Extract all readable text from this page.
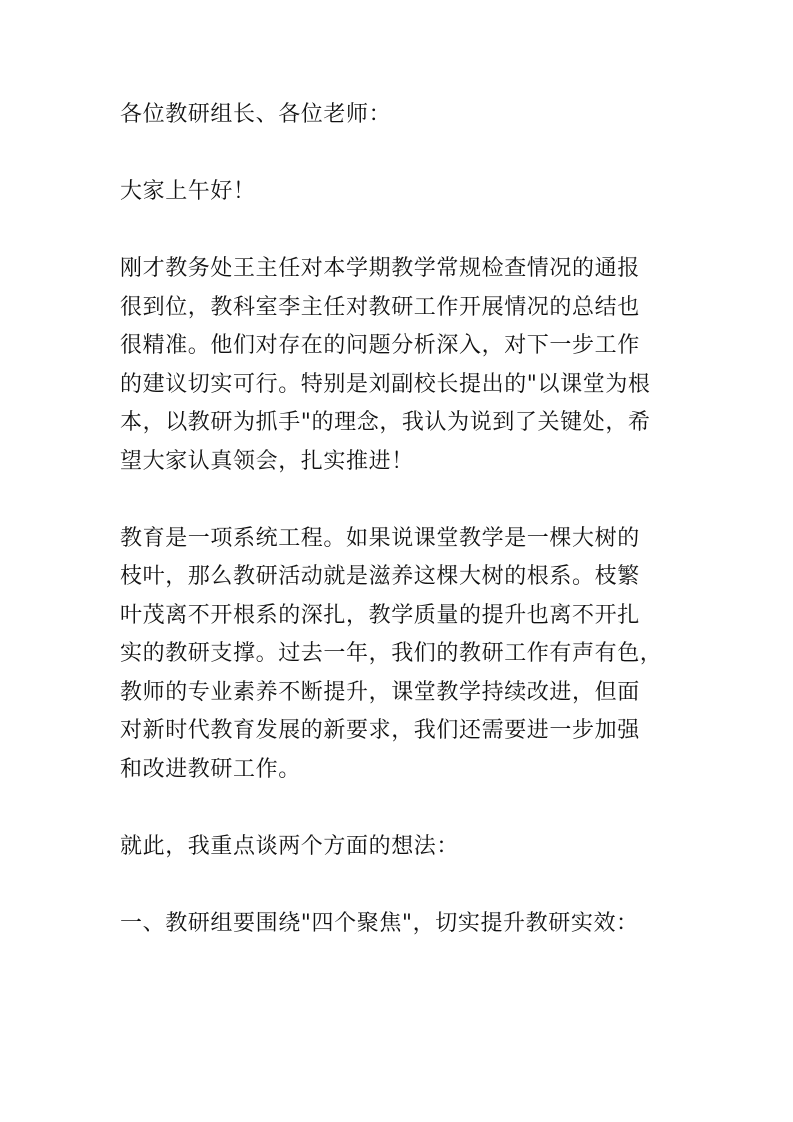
各位教研组长、各位老师：

大家上午好！

刚才教务处王主任对本学期教学常规检查情况的通报
很到位，教科室李主任对教研工作开展情况的总结也
很精准。他们对存在的问题分析深入，对下一步工作
的建议切实可行。特别是刘副校长提出的"以课堂为根
本，以教研为抓手"的理念，我认为说到了关键处，希
望大家认真领会，扎实推进！

教育是一项系统工程。如果说课堂教学是一棵大树的
枝叶，那么教研活动就是滋养这棵大树的根系。枝繁
叶茂离不开根系的深扎，教学质量的提升也离不开扎
实的教研支撑。过去一年，我们的教研工作有声有色，
教师的专业素养不断提升，课堂教学持续改进，但面
对新时代教育发展的新要求，我们还需要进一步加强
和改进教研工作。

就此，我重点谈两个方面的想法：

一、教研组要围绕"四个聚焦"，切实提升教研实效：
